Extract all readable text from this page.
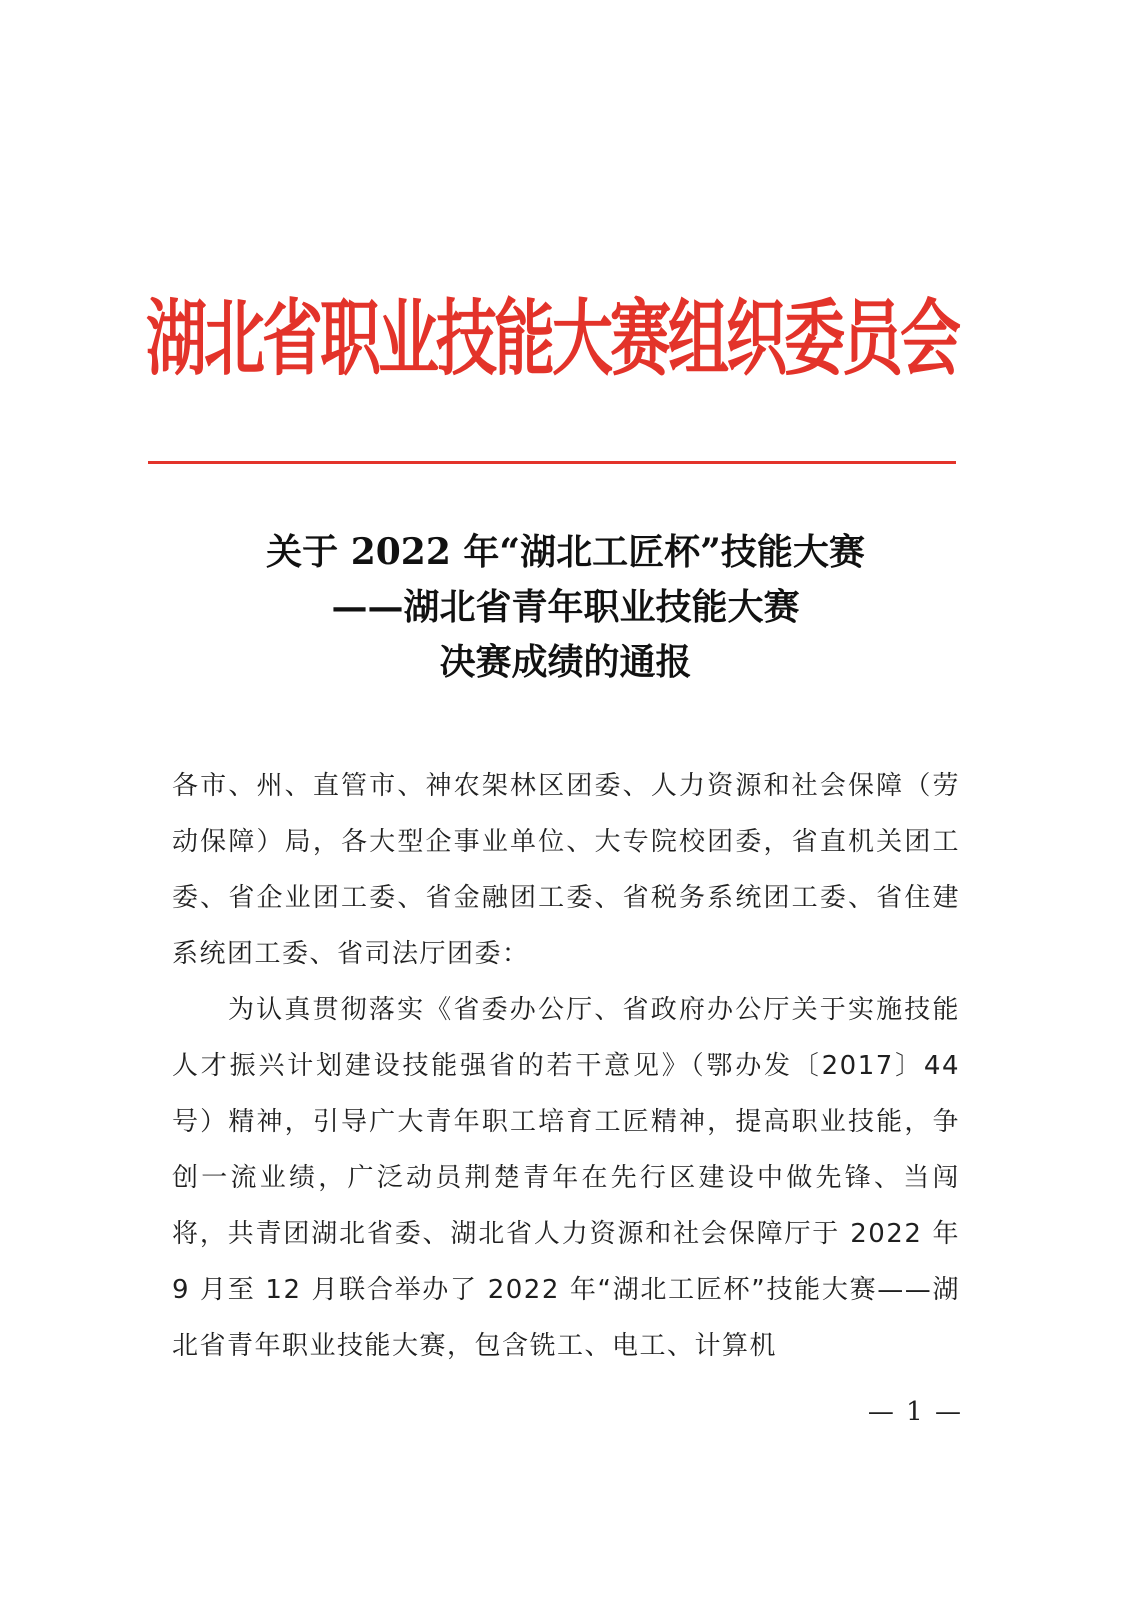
湖北省职业技能大赛组织委员会
关于 2022 年“湖北工匠杯”技能大赛
——湖北省青年职业技能大赛
决赛成绩的通报

各市、州、直管市、神农架林区团委、人力资源和社会保障（劳动保障）局，各大型企事业单位、大专院校团委，省直机关团工委、省企业团工委、省金融团工委、省税务系统团工委、省住建系统团工委、省司法厅团委：

为认真贯彻落实《省委办公厅、省政府办公厅关于实施技能人才振兴计划建设技能强省的若干意见》（鄂办发〔2017〕44 号）精神，引导广大青年职工培育工匠精神，提高职业技能，争创一流业绩，广泛动员荆楚青年在先行区建设中做先锋、当闯将，共青团湖北省委、湖北省人力资源和社会保障厅于 2022 年 9 月至 12 月联合举办了 2022 年“湖北工匠杯”技能大赛——湖北省青年职业技能大赛，包含铣工、电工、计算机

— 1 —
